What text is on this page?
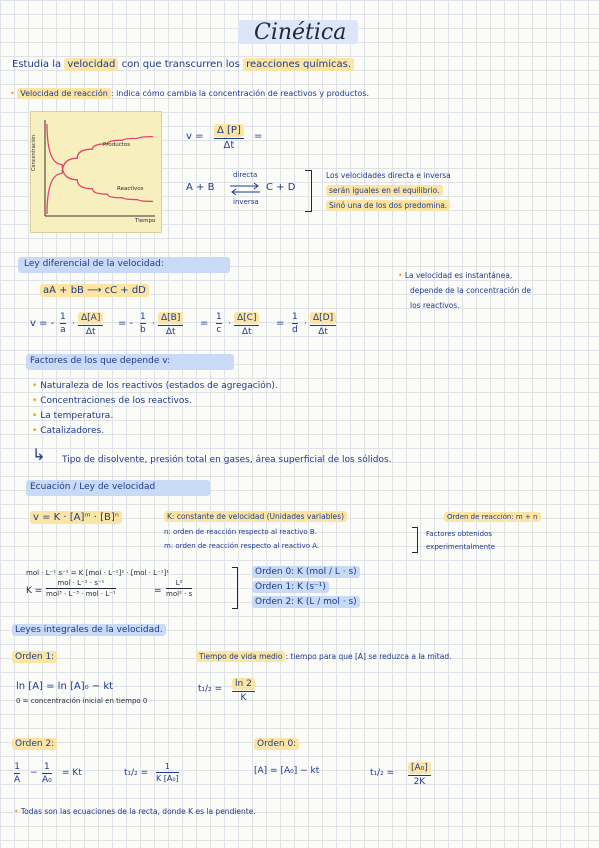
Cinética
Estudia la velocidad con que transcurren los reacciones químicas.
• Velocidad de reacción : indica cómo cambia la concentración de reactivos y productos.
Concentración
Tiempo
Productos
Reactivos
v =
Δ [P]
Δt
=
A + B
directa
inversa
C + D
Los velocidades directa e inversa
serán iguales en el equilibrio.
Sinó una de los dos predomina.
Ley diferencial de la velocidad:
aA + bB ⟶ cC + dD
• La velocidad es instantánea,
depende de la concentración de
los reactivos.
v = -
1
a
·
Δ[A]
Δt
= -
1
b
·
Δ[B]
Δt
=
1
c
·
Δ[C]
Δt
=
1
d
·
Δ[D]
Δt
Factores de los que depende v:
• Naturaleza de los reactivos (estados de agregación).
• Concentraciones de los reactivos.
• La temperatura.
• Catalizadores.
↳ Tipo de disolvente, presión total en gases, área superficial de los sólidos.
Ecuación / Ley de velocidad
v = K · [A]ᵐ · [B]ⁿ	K: constante de velocidad (Unidades variables)
n: orden de reacción respecto al reactivo B.
m: orden de reacción respecto al reactivo A.
Orden de reacción: m + n
Factores obtenidos
experimentalmente
mol · L⁻¹ s⁻¹ = K [mol · L⁻¹]² · [mol · L⁻¹]¹
K =
mol · L⁻¹ · s⁻¹
mol³ · L⁻³ · mol · L⁻¹	=
L²
mol² · s
Orden 0: K (mol / L · s)
Orden 1: K (s⁻¹)
Orden 2: K (L / mol · s)
Leyes integrales de la velocidad.
Orden 1:	Tiempo de vida medio : tiempo para que [A] se reduzca a la mitad.
ln [A] = ln [A]₀ − kt
0 = concentración inicial en tiempo 0
t₁/₂ =	ln 2
K
Orden 2:	Orden 0:
1
A
−
1
A₀
= Kt	t₁/₂ =
1
K [A₀]
[A] = [A₀] − kt	t₁/₂ =	[A₀]
2K
• Todas son las ecuaciones de la recta, donde K es la pendiente.
